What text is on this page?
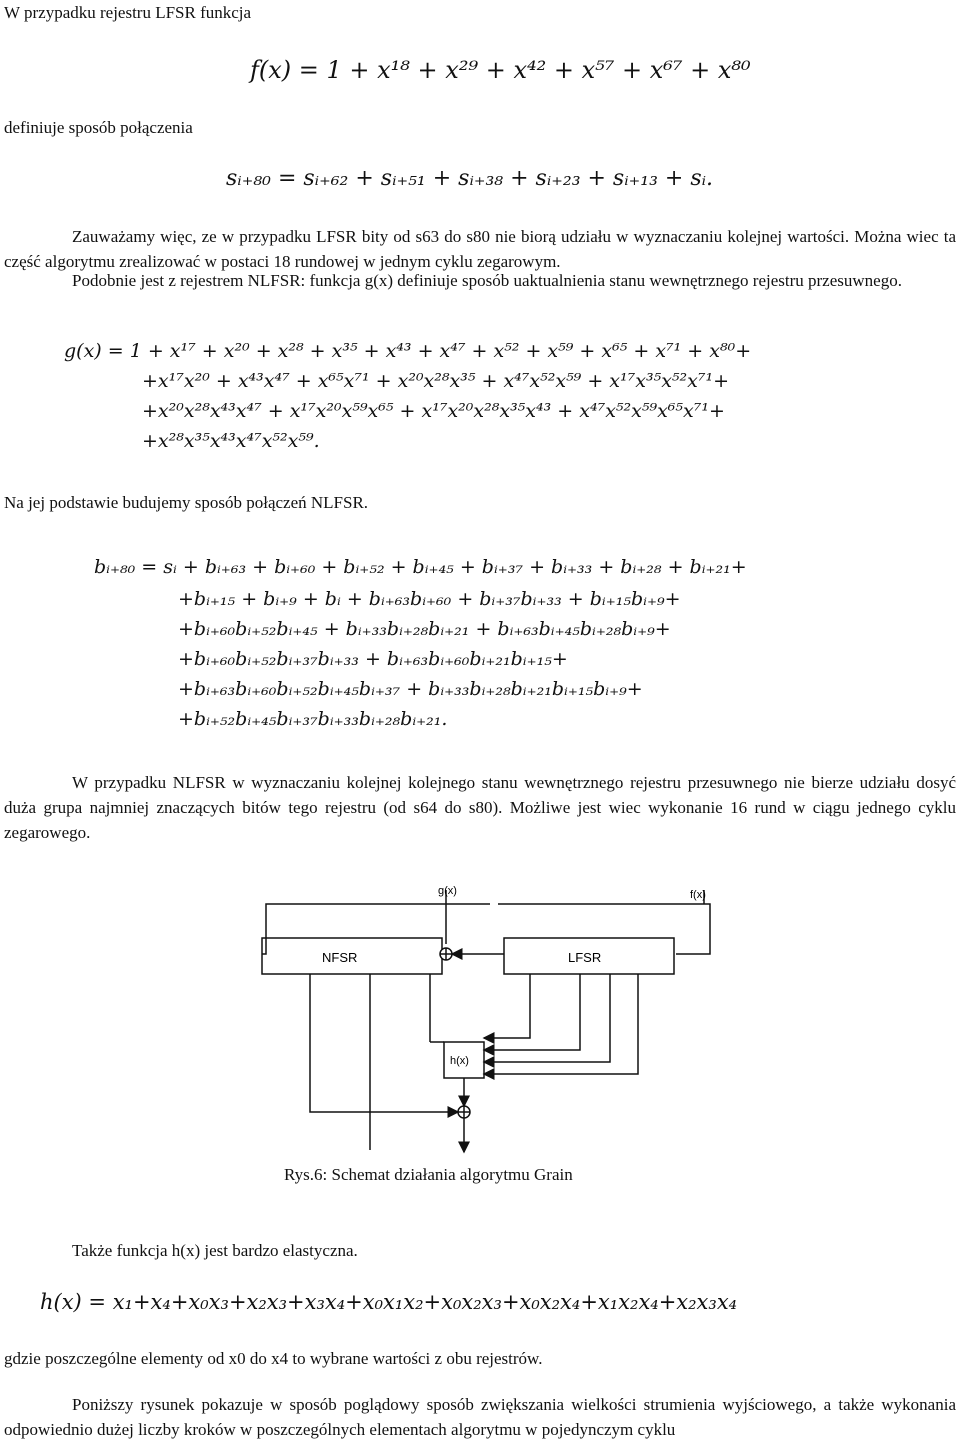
W przypadku rejestru LFSR funkcja
f(x) = 1 + x¹⁸ + x²⁹ + x⁴² + x⁵⁷ + x⁶⁷ + x⁸⁰
definiuje sposób połączenia
sᵢ₊₈₀ = sᵢ₊₆₂ + sᵢ₊₅₁ + sᵢ₊₃₈ + sᵢ₊₂₃ + sᵢ₊₁₃ + sᵢ.
Zauważamy więc, ze w przypadku LFSR bity od s63 do s80 nie biorą udziału w wyznaczaniu kolejnej wartości. Można wiec ta część algorytmu zrealizować w postaci 18 rundowej w jednym cyklu zegarowym.
Podobnie jest z rejestrem NLFSR: funkcja g(x) definiuje sposób uaktualnienia stanu wewnętrznego rejestru przesuwnego.
g(x) = 1 + x¹⁷ + x²⁰ + x²⁸ + x³⁵ + x⁴³ + x⁴⁷ + x⁵² + x⁵⁹ + x⁶⁵ + x⁷¹ + x⁸⁰+
+x¹⁷x²⁰ + x⁴³x⁴⁷ + x⁶⁵x⁷¹ + x²⁰x²⁸x³⁵ + x⁴⁷x⁵²x⁵⁹ + x¹⁷x³⁵x⁵²x⁷¹+
+x²⁰x²⁸x⁴³x⁴⁷ + x¹⁷x²⁰x⁵⁹x⁶⁵ + x¹⁷x²⁰x²⁸x³⁵x⁴³ + x⁴⁷x⁵²x⁵⁹x⁶⁵x⁷¹+
+x²⁸x³⁵x⁴³x⁴⁷x⁵²x⁵⁹.
Na jej podstawie budujemy sposób połączeń NLFSR.
bᵢ₊₈₀ = sᵢ + bᵢ₊₆₃ + bᵢ₊₆₀ + bᵢ₊₅₂ + bᵢ₊₄₅ + bᵢ₊₃₇ + bᵢ₊₃₃ + bᵢ₊₂₈ + bᵢ₊₂₁+
+bᵢ₊₁₅ + bᵢ₊₉ + bᵢ + bᵢ₊₆₃bᵢ₊₆₀ + bᵢ₊₃₇bᵢ₊₃₃ + bᵢ₊₁₅bᵢ₊₉+
+bᵢ₊₆₀bᵢ₊₅₂bᵢ₊₄₅ + bᵢ₊₃₃bᵢ₊₂₈bᵢ₊₂₁ + bᵢ₊₆₃bᵢ₊₄₅bᵢ₊₂₈bᵢ₊₉+
+bᵢ₊₆₀bᵢ₊₅₂bᵢ₊₃₇bᵢ₊₃₃ + bᵢ₊₆₃bᵢ₊₆₀bᵢ₊₂₁bᵢ₊₁₅+
+bᵢ₊₆₃bᵢ₊₆₀bᵢ₊₅₂bᵢ₊₄₅bᵢ₊₃₇ + bᵢ₊₃₃bᵢ₊₂₈bᵢ₊₂₁bᵢ₊₁₅bᵢ₊₉+
+bᵢ₊₅₂bᵢ₊₄₅bᵢ₊₃₇bᵢ₊₃₃bᵢ₊₂₈bᵢ₊₂₁.
W przypadku NLFSR w wyznaczaniu kolejnej kolejnego stanu wewnętrznego rejestru przesuwnego nie bierze udziału dosyć duża grupa najmniej znaczących bitów tego rejestru (od s64 do s80). Możliwe jest wiec wykonanie 16 rund w ciągu jednego cyklu zegarowego.
NFSR	LFSR
h(x)
g(x)	f(x)
Rys.6: Schemat działania algorytmu Grain
Także funkcja h(x) jest bardzo elastyczna.
h(x) = x₁+x₄+x₀x₃+x₂x₃+x₃x₄+x₀x₁x₂+x₀x₂x₃+x₀x₂x₄+x₁x₂x₄+x₂x₃x₄
gdzie poszczególne elementy od x0 do x4 to wybrane wartości z obu rejestrów.
Poniższy rysunek pokazuje w sposób poglądowy sposób zwiększania wielkości strumienia wyjściowego, a także wykonania odpowiednio dużej liczby kroków w poszczególnych elementach algorytmu w pojedynczym cyklu
